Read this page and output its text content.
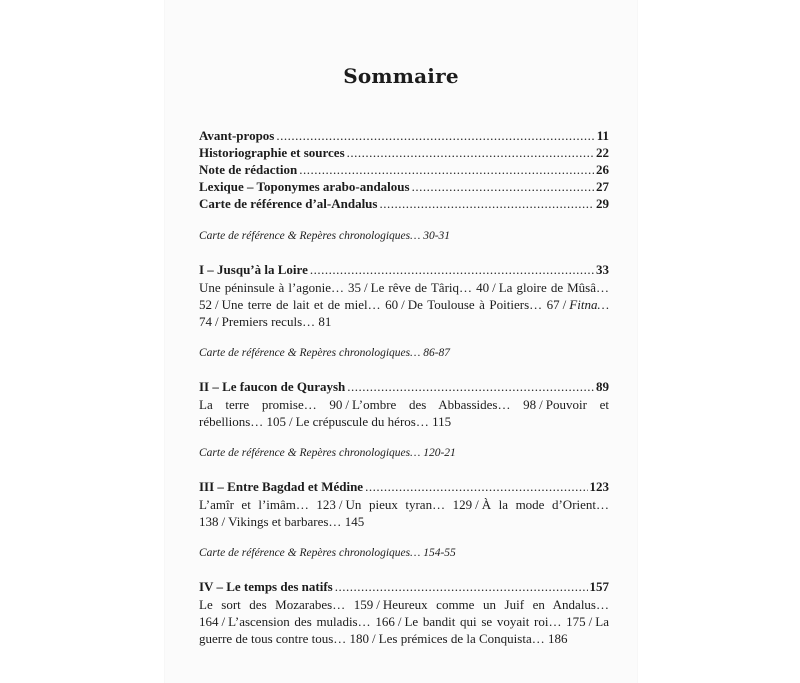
Sommaire
Avant-propos .....	11
Historiographie et sources .....	22
Note de rédaction .....	26
Lexique – Toponymes arabo-andalous .....	27
Carte de référence d’al-Andalus .....	29
Carte de référence & Repères chronologiques… 30-31
I – Jusqu’à la Loire .....	33
Une péninsule à l’agonie… 35 / Le rêve de Târiq… 40 / La gloire de Mûsâ… 52 / Une terre de lait et de miel… 60 / De Toulouse à Poitiers… 67 / Fitna… 74 / Premiers reculs… 81
Carte de référence & Repères chronologiques… 86-87
II – Le faucon de Quraysh .....	89
La terre promise… 90 / L’ombre des Abbassides… 98 / Pouvoir et rébellions… 105 / Le crépuscule du héros… 115
Carte de référence & Repères chronologiques… 120-21
III – Entre Bagdad et Médine .....	123
L’amîr et l’imâm… 123 / Un pieux tyran… 129 / À la mode d’Orient… 138 / Vikings et barbares… 145
Carte de référence & Repères chronologiques… 154-55
IV – Le temps des natifs .....	157
Le sort des Mozarabes… 159 / Heureux comme un Juif en Andalus… 164 / L’ascension des muladis… 166 / Le bandit qui se voyait roi… 175 / La guerre de tous contre tous… 180 / Les prémices de la Conquista… 186
